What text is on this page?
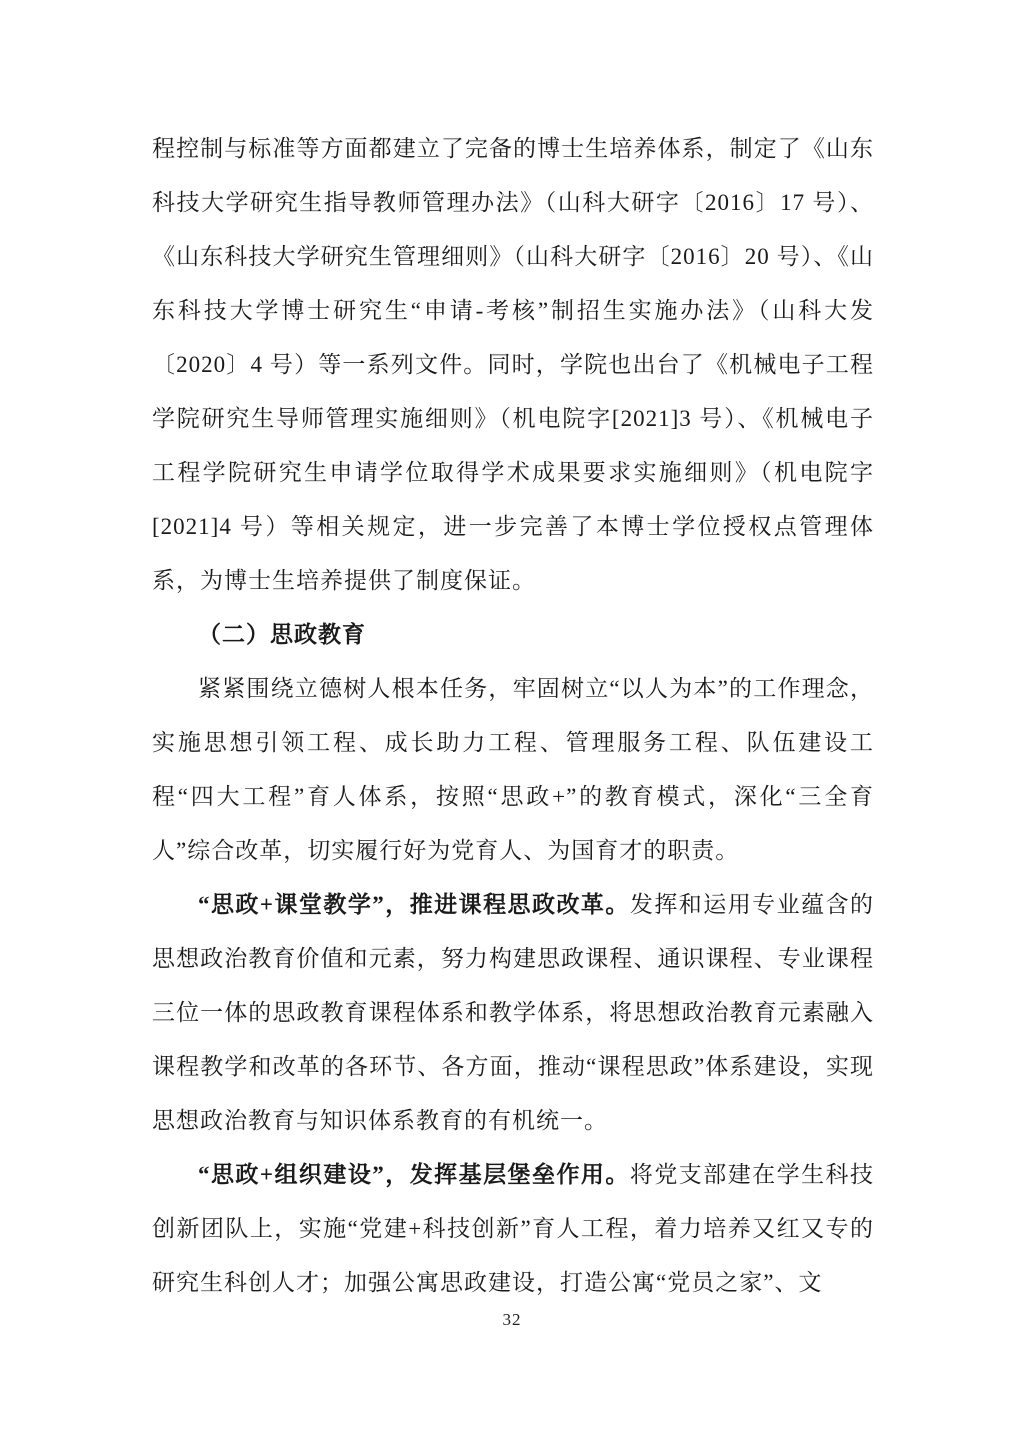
程控制与标准等方面都建立了完备的博士生培养体系，制定了《山东科技大学研究生指导教师管理办法》（山科大研字〔2016〕17 号）、《山东科技大学研究生管理细则》（山科大研字〔2016〕20 号）、《山东科技大学博士研究生“申请-考核”制招生实施办法》（山科大发〔2020〕4 号）等一系列文件。同时，学院也出台了《机械电子工程学院研究生导师管理实施细则》（机电院字[2021]3 号）、《机械电子工程学院研究生申请学位取得学术成果要求实施细则》（机电院字[2021]4 号）等相关规定，进一步完善了本博士学位授权点管理体系，为博士生培养提供了制度保证。

（二）思政教育

紧紧围绕立德树人根本任务，牢固树立“以人为本”的工作理念，实施思想引领工程、成长助力工程、管理服务工程、队伍建设工程“四大工程”育人体系，按照“思政+”的教育模式，深化“三全育人”综合改革，切实履行好为党育人、为国育才的职责。

“思政+课堂教学”，推进课程思政改革。发挥和运用专业蕴含的思想政治教育价值和元素，努力构建思政课程、通识课程、专业课程三位一体的思政教育课程体系和教学体系，将思想政治教育元素融入课程教学和改革的各环节、各方面，推动“课程思政”体系建设，实现思想政治教育与知识体系教育的有机统一。

“思政+组织建设”，发挥基层堡垒作用。将党支部建在学生科技创新团队上，实施“党建+科技创新”育人工程，着力培养又红又专的研究生科创人才；加强公寓思政建设，打造公寓“党员之家”、文

32
